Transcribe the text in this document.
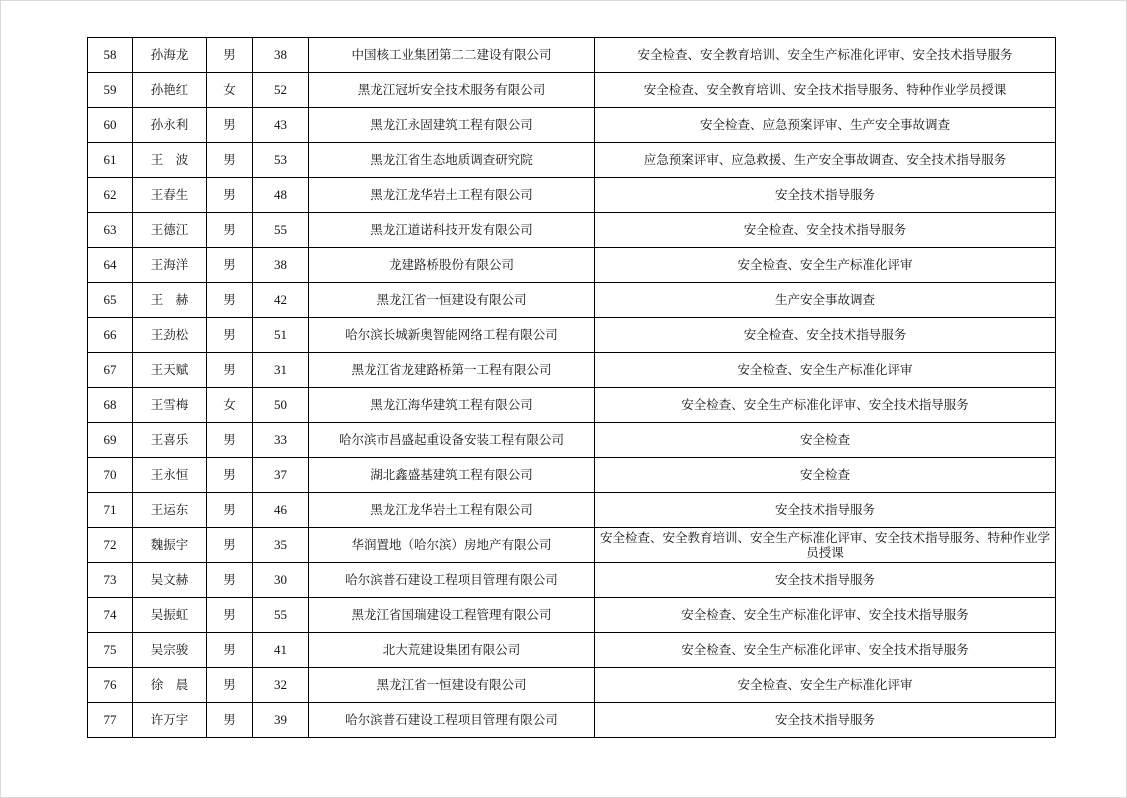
58	孙海龙	男	38	中国核工业集团第二二建设有限公司	安全检查、安全教育培训、安全生产标准化评审、安全技术指导服务
59	孙艳红	女	52	黑龙江冠圻安全技术服务有限公司	安全检查、安全教育培训、安全技术指导服务、特种作业学员授课
60	孙永利	男	43	黑龙江永固建筑工程有限公司	安全检查、应急预案评审、生产安全事故调查
61	王　波	男	53	黑龙江省生态地质调查研究院	应急预案评审、应急救援、生产安全事故调查、安全技术指导服务
62	王春生	男	48	黑龙江龙华岩土工程有限公司	安全技术指导服务
63	王德江	男	55	黑龙江道诺科技开发有限公司	安全检查、安全技术指导服务
64	王海洋	男	38	龙建路桥股份有限公司	安全检查、安全生产标准化评审
65	王　赫	男	42	黑龙江省一恒建设有限公司	生产安全事故调查
66	王劲松	男	51	哈尔滨长城新奥智能网络工程有限公司	安全检查、安全技术指导服务
67	王天赋	男	31	黑龙江省龙建路桥第一工程有限公司	安全检查、安全生产标准化评审
68	王雪梅	女	50	黑龙江海华建筑工程有限公司	安全检查、安全生产标准化评审、安全技术指导服务
69	王喜乐	男	33	哈尔滨市昌盛起重设备安装工程有限公司	安全检查
70	王永恒	男	37	湖北鑫盛基建筑工程有限公司	安全检查
71	王运东	男	46	黑龙江龙华岩土工程有限公司	安全技术指导服务
72	魏振宇	男	35	华润置地（哈尔滨）房地产有限公司	安全检查、安全教育培训、安全生产标准化评审、安全技术指导服务、特种作业学员授课
73	吴文赫	男	30	哈尔滨普石建设工程项目管理有限公司	安全技术指导服务
74	吴振虹	男	55	黑龙江省国瑞建设工程管理有限公司	安全检查、安全生产标准化评审、安全技术指导服务
75	吴宗骏	男	41	北大荒建设集团有限公司	安全检查、安全生产标准化评审、安全技术指导服务
76	徐　晨	男	32	黑龙江省一恒建设有限公司	安全检查、安全生产标准化评审
77	许万宇	男	39	哈尔滨普石建设工程项目管理有限公司	安全技术指导服务
